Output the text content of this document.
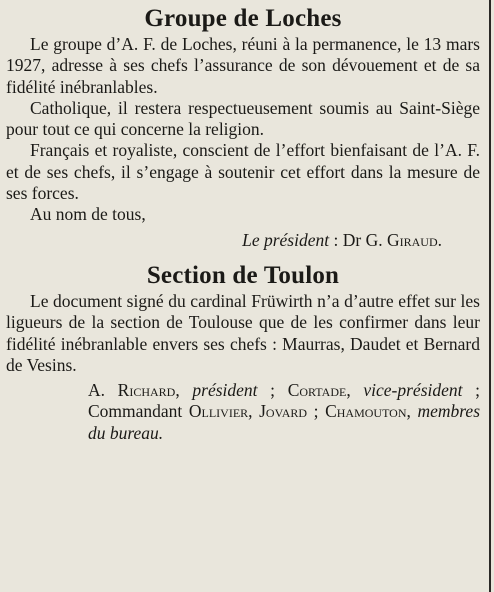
Groupe de Loches

Le groupe d’A. F. de Loches, réuni à la permanence, le 13 mars 1927, adresse à ses chefs l’assurance de son dévouement et de sa fidélité inébranlables.

Catholique, il restera respectueusement soumis au Saint-Siège pour tout ce qui concerne la religion.

Français et royaliste, conscient de l’effort bienfaisant de l’A. F. et de ses chefs, il s’engage à soutenir cet effort dans la mesure de ses forces.

Au nom de tous,

Le président : Dr G. Giraud.
Section de Toulon

Le document signé du cardinal Früwirth n’a d’autre effet sur les ligueurs de la section de Toulouse que de les confirmer dans leur fidélité inébranlable envers ses chefs : Maurras, Daudet et Bernard de Vesins.

A. Richard, président ; Cortade, vice-président ; Commandant Ollivier, Jovard ; Chamouton, membres du bureau.
